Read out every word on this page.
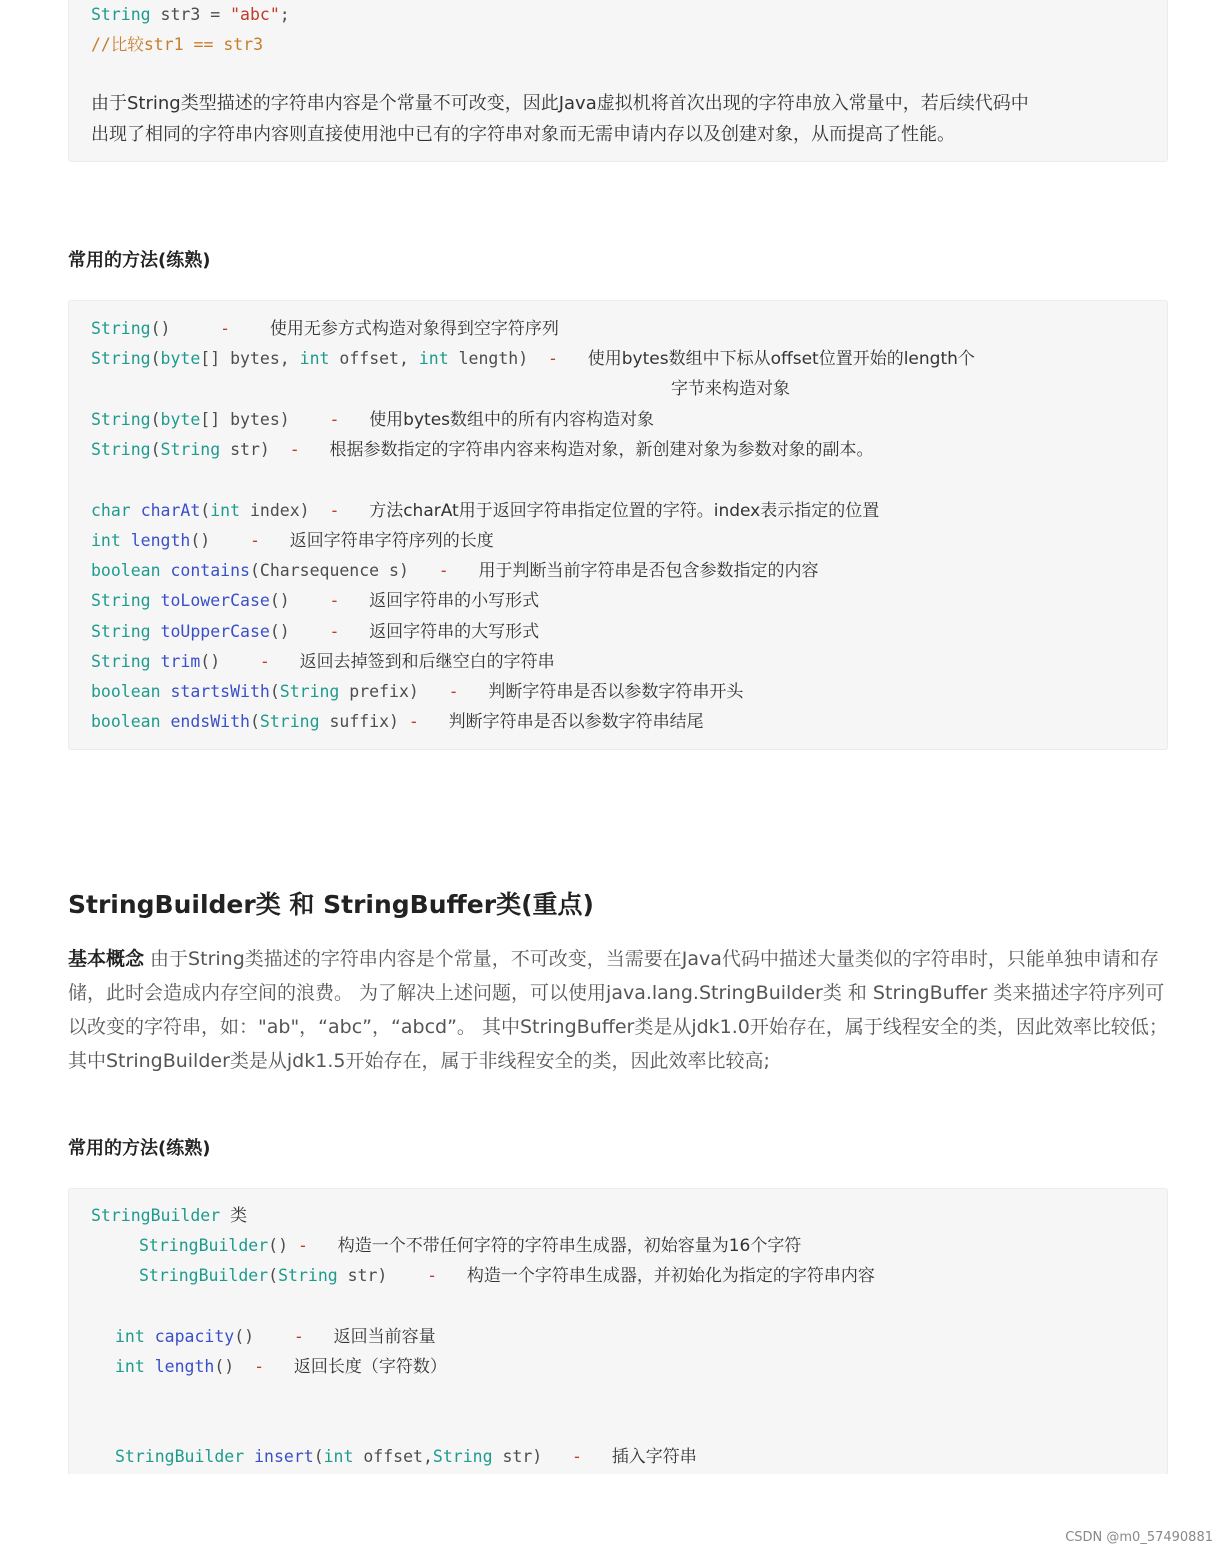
String str3 = "abc";
//比较str1 == str3
由于String类型描述的字符串内容是个常量不可改变，因此Java虚拟机将首次出现的字符串放入常量中，若后续代码中
出现了相同的字符串内容则直接使用池中已有的字符串对象而无需申请内存以及创建对象，从而提高了性能。
常用的方法(练熟)
String()     - 使用无参方式构造对象得到空字符序列
String(byte[] bytes, int offset, int length)  - 使用bytes数组中下标从offset位置开始的length个
字节来构造对象
String(byte[] bytes)    - 使用bytes数组中的所有内容构造对象
String(String str)  - 根据参数指定的字符串内容来构造对象，新创建对象为参数对象的副本。
char charAt(int index)  - 方法charAt用于返回字符串指定位置的字符。index表示指定的位置
int length()    - 返回字符串字符序列的长度
boolean contains(Charsequence s)   - 用于判断当前字符串是否包含参数指定的内容
String toLowerCase()    - 返回字符串的小写形式
String toUpperCase()    - 返回字符串的大写形式
String trim()    - 返回去掉签到和后继空白的字符串
boolean startsWith(String prefix)   - 判断字符串是否以参数字符串开头
boolean endsWith(String suffix) - 判断字符串是否以参数字符串结尾
StringBuilder类 和 StringBuffer类(重点)
基本概念 由于String类描述的字符串内容是个常量，不可改变，当需要在Java代码中描述大量类似的字符串时，只能单独申请和存储，此时会造成内存空间的浪费。 为了解决上述问题，可以使用java.lang.StringBuilder类 和 StringBuffer 类来描述字符序列可以改变的字符串，如："ab"，“abc”，“abcd”。 其中StringBuffer类是从jdk1.0开始存在，属于线程安全的类，因此效率比较低； 其中StringBuilder类是从jdk1.5开始存在，属于非线程安全的类，因此效率比较高;
常用的方法(练熟)
StringBuilder 类
StringBuilder() - 构造一个不带任何字符的字符串生成器，初始容量为16个字符
StringBuilder(String str)    - 构造一个字符串生成器，并初始化为指定的字符串内容
int capacity()    - 返回当前容量
int length()  - 返回长度（字符数）
StringBuilder insert(int offset,String str)   - 插入字符串
CSDN @m0_57490881
